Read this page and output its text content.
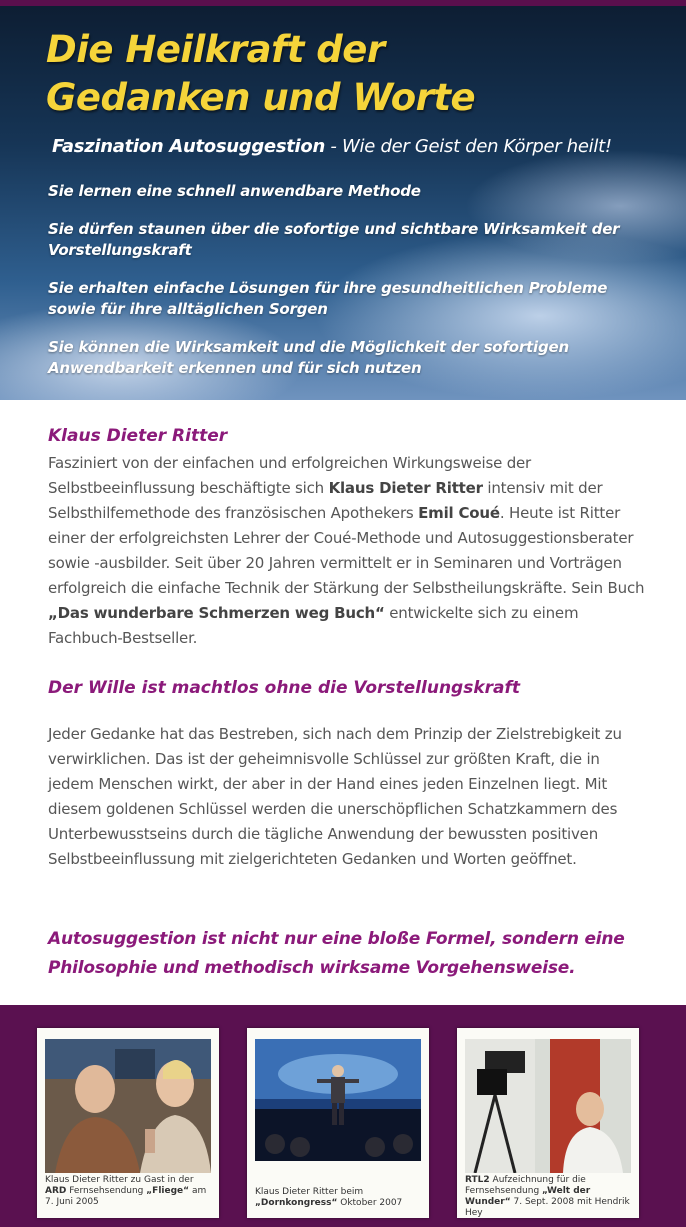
Die Heilkraft der
Gedanken und Worte
Faszination Autosuggestion - Wie der Geist den Körper heilt!
Sie lernen eine schnell anwendbare Methode
Sie dürfen staunen über die sofortige und sichtbare Wirksamkeit der Vorstellungskraft
Sie erhalten einfache Lösungen für ihre gesundheitlichen Probleme sowie für ihre alltäglichen Sorgen
Sie können die Wirksamkeit und die Möglichkeit der sofortigen Anwendbarkeit erkennen und für sich nutzen
Klaus Dieter Ritter

Fasziniert von der einfachen und erfolgreichen Wirkungsweise der Selbstbeeinflussung beschäftigte sich Klaus Dieter Ritter intensiv mit der Selbsthilfemethode des französischen Apothekers Emil Coué. Heute ist Ritter einer der erfolgreichsten Lehrer der Coué-Methode und Autosuggestionsberater sowie -ausbilder. Seit über 20 Jahren vermittelt er in Seminaren und Vorträgen erfolgreich die einfache Technik der Stärkung der Selbstheilungskräfte. Sein Buch „Das wunderbare Schmerzen weg Buch“ entwickelte sich zu einem Fachbuch-Bestseller.

Der Wille ist machtlos ohne die Vorstellungskraft

Jeder Gedanke hat das Bestreben, sich nach dem Prinzip der Zielstrebigkeit zu verwirklichen. Das ist der geheimnisvolle Schlüssel zur größten Kraft, die in jedem Menschen wirkt, der aber in der Hand eines jeden Einzelnen liegt. Mit diesem goldenen Schlüssel werden die unerschöpflichen Schatzkammern des Unterbewusstseins durch die tägliche Anwendung der bewussten positiven Selbstbeeinflussung mit zielgerichteten Gedanken und Worten geöffnet.

Autosuggestion ist nicht nur eine bloße Formel, sondern eine Philosophie und methodisch wirksame Vorgehensweise.

Klaus Dieter Ritter zu Gast in der ARD Fernsehsendung „Fliege“ am 7. Juni 2005
Klaus Dieter Ritter beim „Dornkongress“ Oktober 2007
RTL2 Aufzeichnung für die Fernsehsendung „Welt der Wunder“ 7. Sept. 2008 mit Hendrik Hey
